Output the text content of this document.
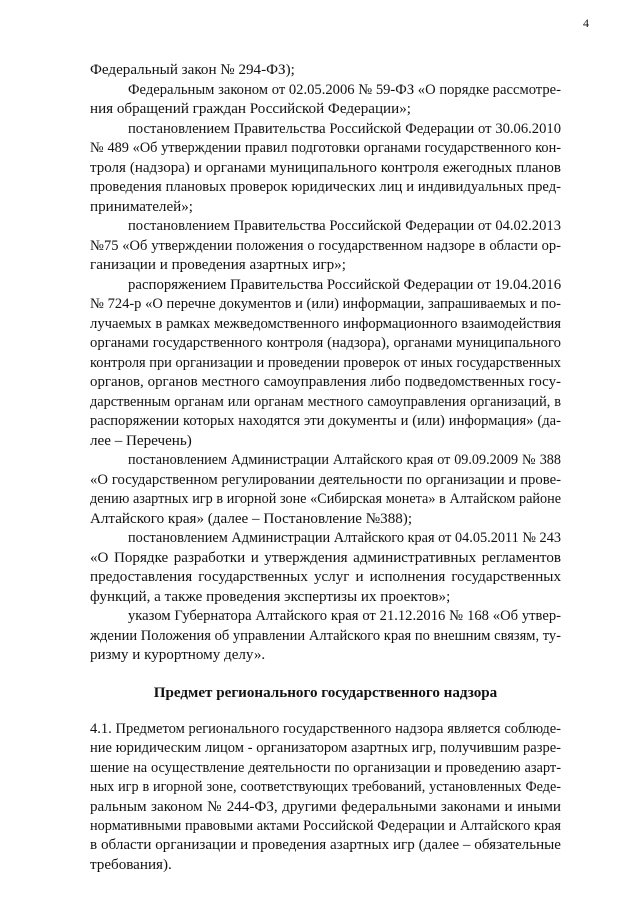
4
Федеральный закон № 294-ФЗ);
Федеральным законом от 02.05.2006 № 59-ФЗ «О порядке рассмотре-
ния обращений граждан Российской Федерации»;
постановлением Правительства Российской Федерации от 30.06.2010
№ 489 «Об утверждении правил подготовки органами государственного кон-
троля (надзора) и органами муниципального контроля ежегодных планов
проведения плановых проверок юридических лиц и индивидуальных пред-
принимателей»;
постановлением Правительства Российской Федерации от 04.02.2013
№75 «Об утверждении положения о государственном надзоре в области ор-
ганизации и проведения азартных игр»;
распоряжением Правительства Российской Федерации от 19.04.2016
№ 724-р «О перечне документов и (или) информации, запрашиваемых и по-
лучаемых в рамках межведомственного информационного взаимодействия
органами государственного контроля (надзора), органами муниципального
контроля при организации и проведении проверок от иных государственных
органов, органов местного самоуправления либо подведомственных госу-
дарственным органам или органам местного самоуправления организаций, в
распоряжении которых находятся эти документы и (или) информация» (да-
лее – Перечень)
постановлением Администрации Алтайского края от 09.09.2009 № 388
«О государственном регулировании деятельности по организации и прове-
дению азартных игр в игорной зоне «Сибирская монета» в Алтайском районе
Алтайского края» (далее – Постановление №388);
постановлением Администрации Алтайского края от 04.05.2011 № 243
«О Порядке разработки и утверждения административных регламентов
предоставления государственных услуг и исполнения государственных
функций, а также проведения экспертизы их проектов»;
указом Губернатора Алтайского края от 21.12.2016 № 168 «Об утвер-
ждении Положения об управлении Алтайского края по внешним связям, ту-
ризму и курортному делу».
Предмет регионального государственного надзора
4.1. Предметом регионального государственного надзора является соблюде-
ние юридическим лицом - организатором азартных игр, получившим разре-
шение на осуществление деятельности по организации и проведению азарт-
ных игр в игорной зоне, соответствующих требований, установленных Феде-
ральным законом № 244-ФЗ, другими федеральными законами и иными
нормативными правовыми актами Российской Федерации и Алтайского края
в области организации и проведения азартных игр (далее – обязательные
требования).
